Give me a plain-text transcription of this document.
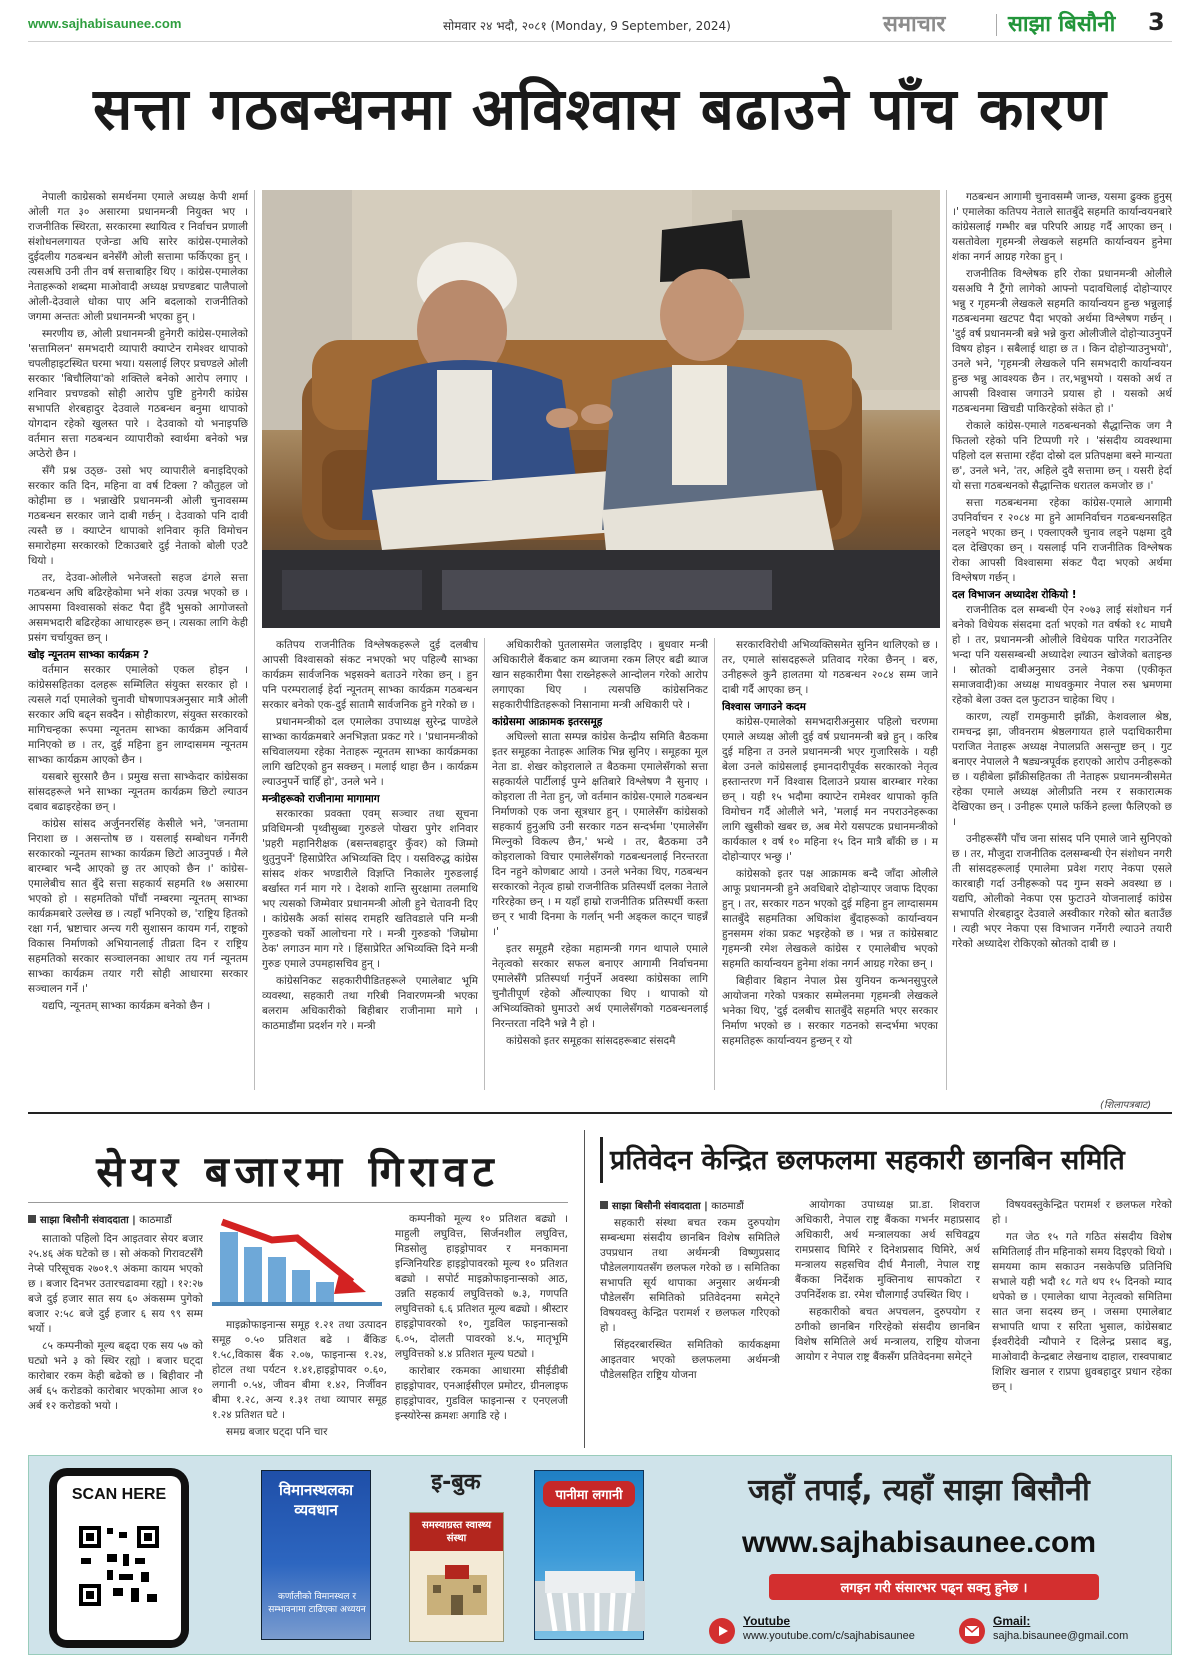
www.sajhabisaunee.com	सोमवार २४ भदौ, २०८१ (Monday, 9 September, 2024)	समाचार	साझा बिसौनी 3
सत्ता गठबन्धनमा अविश्वास बढाउने पाँच कारण

नेपाली काग्रेसको समर्थनमा एमाले अध्यक्ष केपी शर्मा ओली गत ३० असारमा प्रधानमन्त्री नियुक्त भए । राजनीतिक स्थिरता, सरकारमा स्थायित्व र निर्वाचन प्रणाली संशोधनलगायत एजेन्डा अघि सारेर कांग्रेस-एमालेको दुईदलीय गठबन्धन बनेसँगै ओली सत्तामा फर्किएका हुन् । त्यसअघि उनी तीन वर्ष सत्ताबाहिर थिए । कांग्रेस-एमालेका नेताहरूको शब्दमा माओवादी अध्यक्ष प्रचण्डबाट पालैपालो ओली-देउवाले धोका पाए अनि बदलाको राजनीतिको जगमा अन्ततः ओली प्रधानमन्त्री भएका हुन् ।

स्मरणीय छ, ओली प्रधानमन्त्री हुनेगरी कांग्रेस-एमालेको 'सत्तामिलन' समभदारी व्यापारी क्याप्टेन रामेश्वर थापाको चपलीहाइटस्थित घरमा भया। यसलाई लिएर प्रचण्डले ओली सरकार 'बिचौलिया'को शक्तिले बनेको आरोप लगाए । शनिवार प्रचण्डको सोही आरोप पुष्टि हुनेगरी कांग्रेस सभापति शेरबहादुर देउवाले गठबन्धन बनुमा थापाको योगदान रहेको खुलस्त पारे । देउवाको यो भनाइपछि वर्तमान सत्ता गठबन्धन व्यापारीको स्वार्थमा बनेको भन्न अप्ठेरो छैन ।

सँगै प्रश्न उठ्छ- उसो भए व्यापारीले बनाइदिएको सरकार कति दिन, महिना वा वर्ष टिक्ला ? कौतुहल जो कोहीमा छ । भन्नाखेरि प्रधानमन्त्री ओली चुनावसम्म गठबन्धन सरकार जाने दाबी गर्छन् । देउवाको पनि दावी त्यस्तै छ । क्याप्टेन थापाको शनिवार कृति विमोचन समारोहमा सरकारको टिकाउबारे दुई नेताको बोली एउटै थियो ।

तर, देउवा-ओलीले भनेजस्तो सहज ढंगले सत्ता गठबन्धन अघि बढिरहेकोमा भने शंका उत्पन्न भएको छ । आपसमा विश्वासको संकट पैदा हुँदै भुसको आगोजस्तो असमभदारी बढिरहेका आधारहरू छन् । त्यसका लागि केही प्रसंग चर्चायुक्त छन् ।

खोइ न्यूनतम साभ्का कार्यक्रम ?

वर्तमान सरकार एमालेको एकल होइन । कांग्रेससहितका दलहरू सम्मिलित संयुक्त सरकार हो । त्यसले गर्दा एमालेको चुनावी घोषणापत्रअनुसार मात्रै ओली सरकार अघि बढ्न सक्दैन । सोहीकारण, संयुक्त सरकारको मागिचन्हका रूपमा न्यूनतम साभ्का कार्यक्रम अनिवार्य मानिएको छ । तर, दुई महिना हुन लाग्दासमम न्यूनतम साभ्का कार्यक्रम आएको छैन ।

यसबारे सुरसारै छैन । प्रमुख सत्ता साभ्केदार कांग्रेसका सांसदहरूले भने साभ्का न्यूनतम कार्यक्रम छिटो ल्याउन दबाव बढाइरहेका छन् ।

कांग्रेस सांसद अर्जुननरसिंह केसीले भने, 'जनतामा निराशा छ । असन्तोष छ । यसलाई सम्बोधन गर्नेगरी सरकारको न्यूनतम साभ्का कार्यक्रम छिटो आउनुपर्छ । मैले बारम्बार भन्दै आएको छु तर आएको छैन ।' कांग्रेस-एमालेबीच सात बुँदे सत्ता सहकार्य सहमति १७ असारमा भएको हो । सहमतिको पाँचौं नम्बरमा न्यूनतम् साभ्का कार्यक्रमबारे उल्लेख छ । त्यहाँ भनिएको छ, 'राष्ट्रिय हितको रक्षा गर्न, भ्रष्टाचार अन्त्य गरी सुशासन कायम गर्न, राष्ट्रको विकास निर्माणको अभियानलाई तीव्रता दिन र राष्ट्रिय सहमतिको सरकार सञ्चालनका आधार तय गर्न न्यूनतम साभ्का कार्यक्रम तयार गरी सोही आधारमा सरकार सञ्चालन गर्ने ।'

यद्यपि, न्यूनतम् साभ्का कार्यक्रम बनेको छैन ।

कतिपय राजनीतिक विश्लेषकहरूले दुई दलबीच आपसी विश्वासको संकट नभएको भए पहिल्यै साभ्का कार्यक्रम सार्वजनिक भइसक्ने बताउने गरेका छन् । हुन पनि परम्परालाई हेर्दा न्यूनतम् साभ्का कार्यक्रम गठबन्धन सरकार बनेको एक-दुई सातामै सार्वजनिक हुने गरेको छ ।

प्रधानमन्त्रीको दल एमालेका उपाध्यक्ष सुरेन्द्र पाण्डेले साभ्का कार्यक्रमबारे अनभिज्ञता प्रकट गरे । 'प्रधानमन्त्रीको सचिवालयमा रहेका नेताहरू न्यूनतम साभ्का कार्यक्रमका लागि खटिएको हुन सक्छन् । मलाई थाहा छैन । कार्यक्रम ल्याउनुपर्ने चाहिँ हो', उनले भने ।

मन्त्रीहरूको राजीनामा मागामाग

सरकारका प्रवक्ता एवम् सञ्चार तथा सूचना प्रविधिमन्त्री पृथ्वीसुब्बा गुरुङले पोखरा पुगेर शनिवार 'प्रहरी महानिरीक्षक (बसन्तबहादुर कुँवर) को जिम्मो थुतुनुपर्ने' हिसाप्रेरित अभिव्यक्ति दिए । यसविरुद्ध कांग्रेस सांसद शंकर भण्डारीले विज्ञप्ति निकालेर गुरुङलाई बर्खास्त गर्न माग गरे । देशको शान्ति सुरक्षामा तलमाथि भए त्यसको जिम्मेवार प्रधानमन्त्री ओली हुने चेतावनी दिए । कांग्रेसकै अर्का सांसद रामहरि खतिवडाले पनि मन्त्री गुरुङको चर्को आलोचना गरे । मन्त्री गुरुङको 'जिम्रोमा ठेक' लगाउन माग गरे । हिंसाप्रेरित अभिव्यक्ति दिने मन्त्री गुरुङ एमाले उपमहासचिव हुन् ।

कांग्रेसनिकट सहकारीपीडितहरूले एमालेबाट भूमि व्यवस्था, सहकारी तथा गरिबी निवारणमन्त्री भएका बलराम अधिकारीको बिहीबार राजीनामा मागे । काठमाडौंमा प्रदर्शन गरे । मन्त्री

अधिकारीको पुतलासमेत जलाइदिए । बुधवार मन्त्री अधिकारीले बैंकबाट कम ब्याजमा रकम लिएर बढी ब्याज खान सहकारीमा पैसा राख्नेहरूले आन्दोलन गरेको आरोप लगाएका थिए । त्यसपछि कांग्रेसनिकट सहकारीपीडितहरूको निसानामा मन्त्री अधिकारी परे ।

कांग्रेसमा आक्रामक इतरसमूह

अघिल्लो साता सम्पन्न कांग्रेस केन्द्रीय समिति बैठकमा इतर समूहका नेताहरू आलिक भिन्न सुनिए । समूहका मूल नेता डा. शेखर कोइरालाले त बैठकमा एमालेसँगको सत्ता सहकार्यले पार्टीलाई पुग्ने क्षतिबारे विश्लेषण नै सुनाए । कोइराला ती नेता हुन्, जो वर्तमान कांग्रेस-एमाले गठबन्धन निर्माणको एक जना सूत्रधार हुन् । एमालेसँग कांग्रेसको सहकार्य हुनुअघि उनी सरकार गठन सन्दर्भमा 'एमालेसँग मिल्नुको विकल्प छैन,' भन्थे । तर, बैठकमा उनै कोइरालाको विचार एमालेसँगको गठबन्धनलाई निरन्तरता दिन नहुने कोणबाट आयो । उनले भनेका थिए, गठबन्धन सरकारको नेतृत्व हाम्रो राजनीतिक प्रतिस्पर्धी दलका नेताले गरिरहेका छन् । म यहाँ हाम्रो राजनीतिक प्रतिस्पर्धी कस्ता छन् र भावी दिनमा के गर्लान् भनी अड्कल काट्न चाहन्नँ ।'

इतर समूहमै रहेका महामन्त्री गगन थापाले एमाले नेतृत्वको सरकार सफल बनाएर आगामी निर्वाचनमा एमालेसँगै प्रतिस्पर्धा गर्नुपर्ने अवस्था कांग्रेसका लागि चुनौतीपूर्ण रहेको औंल्याएका थिए । थापाको यो अभिव्यक्तिको घुमाउरो अर्थ एमालेसँगको गठबन्धनलाई निरन्तरता नदिनै भन्ने नै हो ।

कांग्रेसको इतर समूहका सांसदहरूबाट संसदमै

सरकारविरोधी अभिव्यक्तिसमेत सुनिन थालिएको छ । तर, एमाले सांसदहरूले प्रतिवाद गरेका छैनन् । बरु, उनीहरूले कुनै हालतमा यो गठबन्धन २०८४ सम्म जाने दाबी गर्दै आएका छन् ।

विश्वास जगाउने कदम

कांग्रेस-एमालेको समभदारीअनुसार पहिलो चरणमा एमाले अध्यक्ष ओली दुई वर्ष प्रधानमन्त्री बन्ने हुन् । करिब दुई महिना त उनले प्रधानमन्त्री भएर गुजारिसके । यही बेला उनले कांग्रेसलाई इमानदारीपूर्वक सरकारको नेतृत्व हस्तान्तरण गर्ने विश्वास दिलाउने प्रयास बारम्बार गरेका छन् । यही १५ भदौमा क्याप्टेन रामेश्वर थापाको कृति विमोचन गर्दै ओलीले भने, 'मलाई मन नपराउनेहरूका लागि खुसीको खबर छ, अब मेरो यसपटक प्रधानमन्त्रीको कार्यकाल १ वर्ष १० महिना १५ दिन मात्रै बाँकी छ । म दोहोऱ्याएर भन्छु ।'

कांग्रेसको इतर पक्ष आक्रामक बन्दै जाँदा ओलीले आफू प्रधानमन्त्री हुने अवधिबारे दोहोऱ्याएर जवाफ दिएका हुन् । तर, सरकार गठन भएको दुई महिना हुन लाग्दासमम सातबुँदे सहमतिका अधिकांश बुँदाहरूको कार्यान्वयन हुनसमम शंका प्रकट भइरहेको छ । भन्न त कांग्रेसबाट गृहमन्त्री रमेश लेखकले कांग्रेस र एमालेबीच भएको सहमति कार्यान्वयन हुनेमा शंका नगर्न आग्रह गरेका छन् ।

बिहीवार बिहान नेपाल प्रेस युनियन कन्भनसुपुरले आयोजना गरेको पत्रकार सम्मेलनमा गृहमन्त्री लेखकले भनेका थिए, 'दुई दलबीच सातबुँदे सहमति भएर सरकार निर्माण भएको छ । सरकार गठनको सन्दर्भमा भएका सहमतिहरू कार्यान्वयन हुन्छन् र यो

गठबन्धन आगामी चुनावसम्मै जान्छ, यसमा ढुक्क हुनुस् ।' एमालेका कतिपय नेताले सातबुँदे सहमति कार्यान्वयनबारे कांग्रेसलाई गम्भीर बन्न परिपरि आग्रह गर्दै आएका छन् । यसतोवेला गृहमन्त्री लेखकले सहमति कार्यान्वयन हुनेमा शंका नगर्न आग्रह गरेका हुन् ।

राजनीतिक विश्लेषक हरि रोका प्रधानमन्त्री ओलीले यसअघि नै ट्रैंगो लागेको आफ्नो पदावधिलाई दोहोऱ्याएर भन्नु र गृहमन्त्री लेखकले सहमति कार्यान्वयन हुन्छ भन्नुलाई गठबन्धनमा खटपट पैदा भएको अर्थमा विश्लेषण गर्छन् । 'दुई वर्ष प्रधानमन्त्री बन्ने भन्ने कुरा ओलीजीले दोहोऱ्याउनुपर्ने विषय होइन । सबैलाई थाहा छ त । किन दोहोऱ्याउनुभयो', उनले भने, 'गृहमन्त्री लेखकले पनि समभदारी कार्यान्वयन हुन्छ भन्नु आवश्यक छैन । तर,भन्नुभयो । यसको अर्थ त आपसी विश्वास जगाउने प्रयास हो । यसको अर्थ गठबन्धनमा खिचडी पाकिरहेको संकेत हो ।'

रोकाले कांग्रेस-एमाले गठबन्धनको सैद्धान्तिक जग नै फितलो रहेको पनि टिप्पणी गरे । 'संसदीय व्यवस्थामा पहिलो दल सत्तामा रहँदा दोस्रो दल प्रतिपक्षमा बस्ने मान्यता छ', उनले भने, 'तर, अहिले दुवै सत्तामा छन् । यसरी हेर्दा यो सत्ता गठबन्धनको सैद्धान्तिक धरातल कमजोर छ ।'

सत्ता गठबन्धनमा रहेका कांग्रेस-एमाले आगामी उपनिर्वाचन र २०८४ मा हुने आमनिर्वाचन गठबन्धनसहित नलड्ने भएका छन् । एक्लाएक्लै चुनाव लड्ने पक्षमा दुवै दल देखिएका छन् । यसलाई पनि राजनीतिक विश्लेषक रोका आपसी विश्वासमा संकट पैदा भएको अर्थमा विश्लेषण गर्छन् ।

दल विभाजन अध्यादेश रोकियो !

राजनीतिक दल सम्बन्धी ऐन २०७३ लाई संशोधन गर्न बनेको विधेयक संसदमा दर्ता भएको गत वर्षको १८ माघमै हो । तर, प्रधानमन्त्री ओलीले विधेयक पारित गराउनेतिर भन्दा पनि यससम्बन्धी अध्यादेश ल्याउन खोजेको बताइन्छ । स्रोतको दाबीअनुसार उनले नेकपा (एकीकृत समाजवादी)का अध्यक्ष माधवकुमार नेपाल रुस भ्रमणमा रहेको बेला उक्त दल फुटाउन चाहेका थिए ।

कारण, त्यहाँ रामकुमारी झाँक्री, केशवलाल श्रेष्ठ, रामचन्द्र झा, जीवनराम श्रेष्ठलगायत हाले पदाधिकारीमा पराजित नेताहरू अध्यक्ष नेपालप्रति असन्तुष्ट छन् । गुट बनाएर नेपालले नै षड्यन्त्रपूर्वक हराएको आरोप उनीहरूको छ । यहीबेला झाँक्रीसहितका ती नेताहरू प्रधानमन्त्रीसमेत रहेका एमाले अध्यक्ष ओलीप्रति नरम र सकारात्मक देखिएका छन् । उनीहरू एमाले फर्किने हल्ला फैलिएको छ ।

उनीहरूसँगै पाँच जना सांसद पनि एमाले जाने सुनिएको छ । तर, मौजुदा राजनीतिक दलसम्बन्धी ऐन संशोधन नगरी ती सांसदहरूलाई एमालेमा प्रवेश गराए नेकपा एसले कारबाही गर्दा उनीहरूको पद गुम्न सक्ने अवस्था छ । यद्यपि, ओलीको नेकपा एस फुटाउने योजनालाई कांग्रेस सभापति शेरबहादुर देउवाले अस्वीकार गरेको स्रोत बताउँछ । त्यही भएर नेकपा एस विभाजन गर्नेगरी ल्याउने तयारी गरेको अध्यादेश रोकिएको स्रोतको दाबी छ ।

(शिलापत्रबाट)
सेयर बजारमा गिरावट
साझा बिसौनी संवाददाता | काठमाडौं

साताको पहिलो दिन आइतवार सेयर बजार २५.४६ अंक घटेको छ । सो अंकको गिरावटसँगै नेप्से परिसूचक २७०१.९ अंकमा कायम भएको छ । बजार दिनभर उतारचढावमा रह्यो । १२:२७ बजे दुई हजार सात सय ६० अंकसम्म पुगेको बजार २:५८ बजे दुई हजार ६ सय ९९ सम्म भर्यो ।

८५ कम्पनीको मूल्य बढ्दा एक सय ५७ को घट्यो भने ३ को स्थिर रह्यो । बजार घट्दा कारोबार रकम केही बढेको छ । बिहीवार नौ अर्ब ६५ करोडको कारोबार भएकोमा आज १० अर्ब १२ करोडको भयो ।

माइक्रोफाइनान्स समूह १.२१ तथा उत्पादन समूह ०.५० प्रतिशत बढे । बैंकिङ १.५८,विकास बैंक २.०७, फाइनान्स १.२४, होटल तथा पर्यटन १.४१,हाइड्रोपावर ०.६०, लगानी ०.५४, जीवन बीमा १.४२, निर्जीवन बीमा १.२८, अन्य १.३१ तथा व्यापार समूह १.२४ प्रतिशत घटे ।

समग्र बजार घट्दा पनि चार

कम्पनीको मूल्य १० प्रतिशत बढ्यो । माहुली लघुवित्त, सिर्जनशील लघुवित्त, मिडसोलु हाइड्रोपावर र मनकामना इन्जिनियरिङ हाइड्रोपावरको मूल्य १० प्रतिशत बढ्यो । सपोर्ट माइक्रोफाइनान्सको आठ, उन्नति सहकार्य लघुवित्तको ७.३, गणपति लघुवित्तको ६.६ प्रतिशत मूल्य बढ्यो । श्रीस्टार हाइड्रोपावरको १०, गुडविल फाइनान्सको ६.०५, दोलती पावरको ४.५, मातृभूमि लघुवित्तको ४.४ प्रतिशत मूल्य घट्यो ।

कारोबार रकमका आधारमा सीईडीबी हाइड्रोपावर, एनआईसीएल प्रमोटर, ग्रीनलाइफ हाइड्रोपावर, गुडविल फाइनान्स र एनएलजी इन्स्योरेन्स क्रमशः अगाडि रहे ।

प्रतिवेदन केन्द्रित छलफलमा सहकारी छानबिन समिति
साझा बिसौनी संवाददाता | काठमाडौं

सहकारी संस्था बचत रकम दुरुपयोग सम्बन्धमा संसदीय छानबिन विशेष समितिले उपप्रधान तथा अर्थमन्त्री विष्णुप्रसाद पौडेललगायतसँग छलफल गरेको छ । समितिका सभापति सूर्य थापाका अनुसार अर्थमन्त्री पौडेलसँग समितिको प्रतिवेदनमा समेट्ने विषयवस्तु केन्द्रित परामर्श र छलफल गरिएको हो ।

सिंहदरबारस्थित समितिको कार्यकक्षमा आइतवार भएको छलफलमा अर्थमन्त्री पौडेलसहित राष्ट्रिय योजना

आयोगका उपाध्यक्ष प्रा.डा. शिवराज अधिकारी, नेपाल राष्ट्र बैंकका गभर्नर महाप्रसाद अधिकारी, अर्थ मन्त्रालयका अर्थ सचिवद्वय रामप्रसाद घिमिरे र दिनेशप्रसाद घिमिरे, अर्थ मन्त्रालय सहसचिव दीर्घ मैनाली, नेपाल राष्ट्र बैंकका निर्देशक मुक्तिनाथ सापकोटा र उपनिर्देशक डा. रमेश चौलागाईं उपस्थित थिए ।

सहकारीको बचत अपचलन, दुरुपयोग र ठगीको छानबिन गरिरहेको संसदीय छानबिन विशेष समितिले अर्थ मन्त्रालय, राष्ट्रिय योजना आयोग र नेपाल राष्ट्र बैंकसँग प्रतिवेदनमा समेट्ने

विषयवस्तुकेन्द्रित परामर्श र छलफल गरेको हो ।

गत जेठ १५ गते गठित संसदीय विशेष समितिलाई तीन महिनाको समय दिइएको थियो । समयमा काम सकाउन नसकेपछि प्रतिनिधि सभाले यही भदौ १८ गते थप १५ दिनको म्याद थपेको छ । एमालेका थापा नेतृत्वको समितिमा सात जना सदस्य छन् । जसमा एमालेबाट सभापति थापा र सरिता भुसाल, कांग्रेसबाट ईश्वरीदेवी न्यौपाने र दिलेन्द्र प्रसाद बडु, माओवादी केन्द्रबाट लेखनाथ दाहाल, रास्वपाबाट शिशिर खनाल र राप्रपा ध्रुवबहादुर प्रधान रहेका छन् ।

SCAN HERE	विमानस्थलका व्यवधान
कर्णालीको विमानस्थल र सम्भावनामा टाढिएका अध्ययन
इ-बुक
समस्याग्रस्त स्वास्थ्य संस्था
पानीमा लगानी	जहाँ तपाईं, त्यहाँ साझा बिसौनी
www.sajhabisaunee.com
लगइन गरी संसारभर पढ्न सक्नु हुनेछ ।
Youtube
www.youtube.com/c/sajhabisaunee
Gmail:
sajha.bisaunee@gmail.com
